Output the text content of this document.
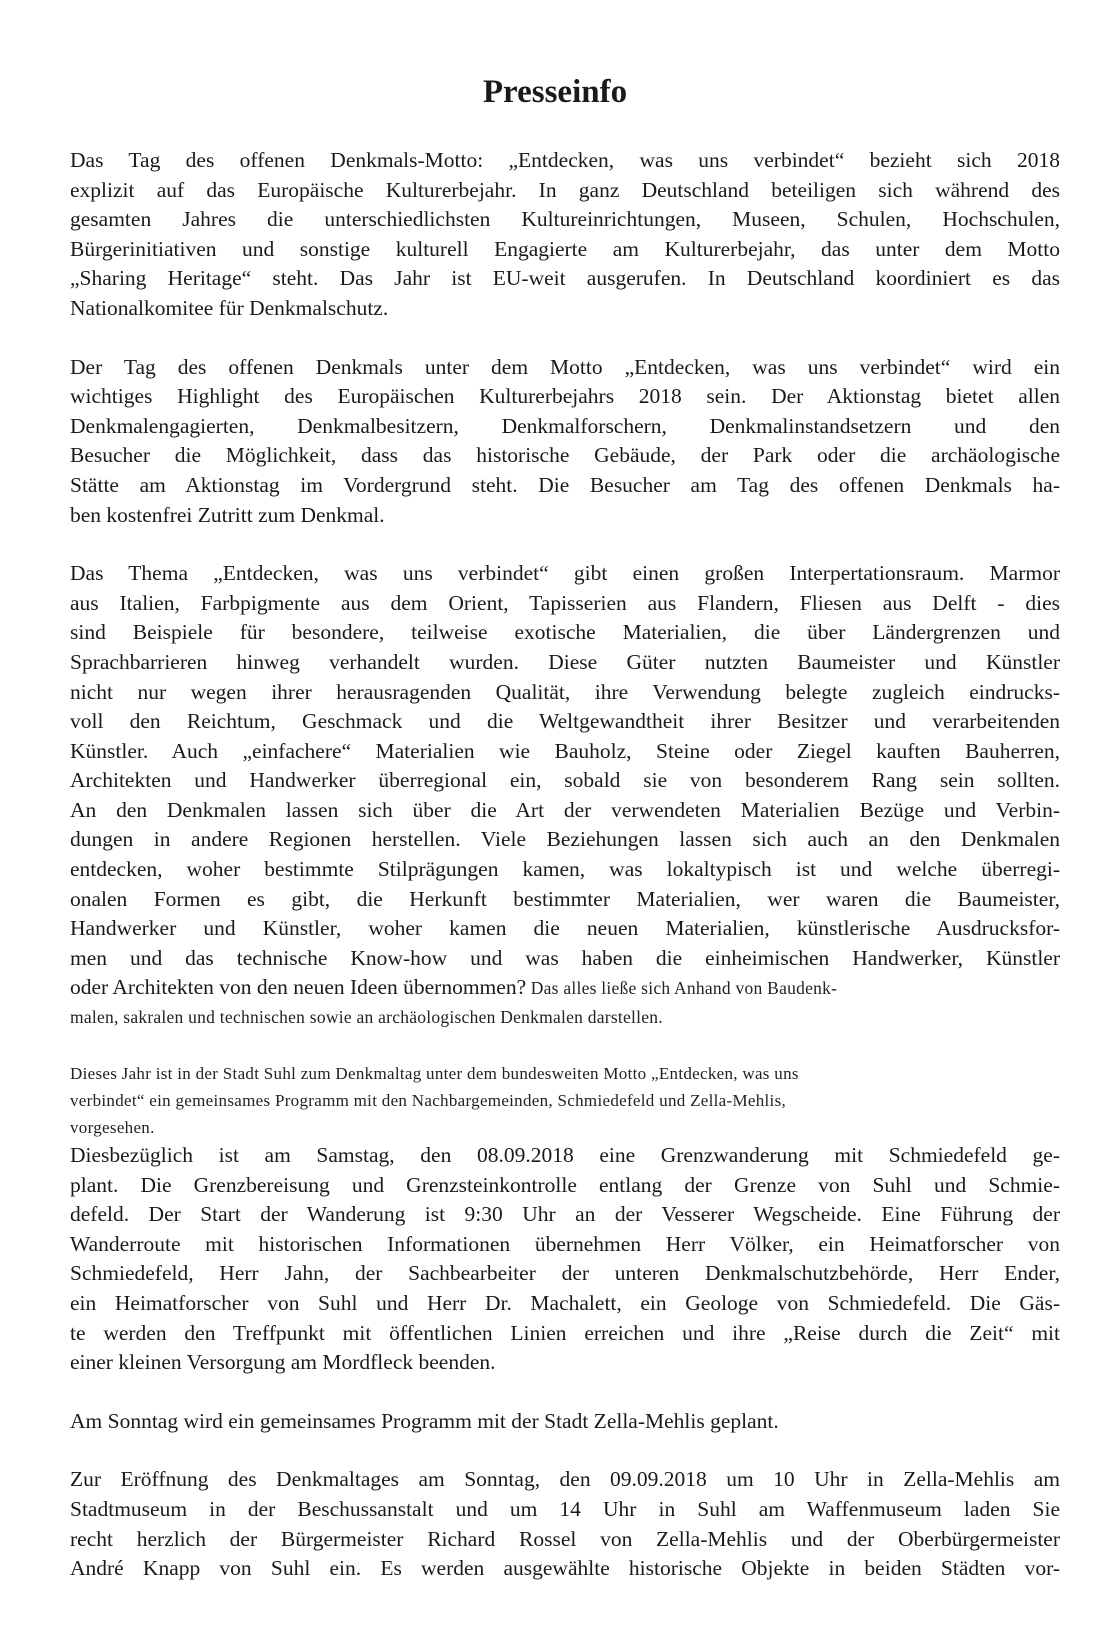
Presseinfo

Das Tag des offenen Denkmals-Motto: „Entdecken, was uns verbindet“ bezieht sich 2018
explizit auf das Europäische Kulturerbejahr. In ganz Deutschland beteiligen sich während des
gesamten Jahres die unterschiedlichsten Kultureinrichtungen, Museen, Schulen, Hochschulen,
Bürgerinitiativen und sonstige kulturell Engagierte am Kulturerbejahr, das unter dem Motto
„Sharing Heritage“ steht. Das Jahr ist EU-weit ausgerufen. In Deutschland koordiniert es das
Nationalkomitee für Denkmalschutz.

Der Tag des offenen Denkmals unter dem Motto „Entdecken, was uns verbindet“ wird ein
wichtiges Highlight des Europäischen Kulturerbejahrs 2018 sein. Der Aktionstag bietet allen
Denkmalengagierten, Denkmalbesitzern, Denkmalforschern, Denkmalinstandsetzern und den
Besucher die Möglichkeit, dass das historische Gebäude, der Park oder die archäologische
Stätte am Aktionstag im Vordergrund steht. Die Besucher am Tag des offenen Denkmals ha-
ben kostenfrei Zutritt zum Denkmal.

Das Thema „Entdecken, was uns verbindet“ gibt einen großen Interpertationsraum. Marmor
aus Italien, Farbpigmente aus dem Orient, Tapisserien aus Flandern, Fliesen aus Delft - dies
sind Beispiele für besondere, teilweise exotische Materialien, die über Ländergrenzen und
Sprachbarrieren hinweg verhandelt wurden. Diese Güter nutzten Baumeister und Künstler
nicht nur wegen ihrer herausragenden Qualität, ihre Verwendung belegte zugleich eindrucks-
voll den Reichtum, Geschmack und die Weltgewandtheit ihrer Besitzer und verarbeitenden
Künstler. Auch „einfachere“ Materialien wie Bauholz, Steine oder Ziegel kauften Bauherren,
Architekten und Handwerker überregional ein, sobald sie von besonderem Rang sein sollten.
An den Denkmalen lassen sich über die Art der verwendeten Materialien Bezüge und Verbin-
dungen in andere Regionen herstellen. Viele Beziehungen lassen sich auch an den Denkmalen
entdecken, woher bestimmte Stilprägungen kamen, was lokaltypisch ist und welche überregi-
onalen Formen es gibt, die Herkunft bestimmter Materialien, wer waren die Baumeister,
Handwerker und Künstler, woher kamen die neuen Materialien, künstlerische Ausdrucksfor-
men und das technische Know-how und was haben die einheimischen Handwerker, Künstler
oder Architekten von den neuen Ideen übernommen? Das alles ließe sich Anhand von Baudenk-
malen, sakralen und technischen sowie an archäologischen Denkmalen darstellen.

Dieses Jahr ist in der Stadt Suhl zum Denkmaltag unter dem bundesweiten Motto „Entdecken, was uns
verbindet“ ein gemeinsames Programm mit den Nachbargemeinden, Schmiedefeld und Zella-Mehlis,
vorgesehen.
Diesbezüglich ist am Samstag, den 08.09.2018 eine Grenzwanderung mit Schmiedefeld ge-
plant. Die Grenzbereisung und Grenzsteinkontrolle entlang der Grenze von Suhl und Schmie-
defeld. Der Start der Wanderung ist 9:30 Uhr an der Vesserer Wegscheide. Eine Führung der
Wanderroute mit historischen Informationen übernehmen Herr Völker, ein Heimatforscher von
Schmiedefeld, Herr Jahn, der Sachbearbeiter der unteren Denkmalschutzbehörde, Herr Ender,
ein Heimatforscher von Suhl und Herr Dr. Machalett, ein Geologe von Schmiedefeld. Die Gäs-
te werden den Treffpunkt mit öffentlichen Linien erreichen und ihre „Reise durch die Zeit“ mit
einer kleinen Versorgung am Mordfleck beenden.

Am Sonntag wird ein gemeinsames Programm mit der Stadt Zella-Mehlis geplant.

Zur Eröffnung des Denkmaltages am Sonntag, den 09.09.2018 um 10 Uhr in Zella-Mehlis am
Stadtmuseum in der Beschussanstalt und um 14 Uhr in Suhl am Waffenmuseum laden Sie
recht herzlich der Bürgermeister Richard Rossel von Zella-Mehlis und der Oberbürgermeister
André Knapp von Suhl ein. Es werden ausgewählte historische Objekte in beiden Städten vor-
